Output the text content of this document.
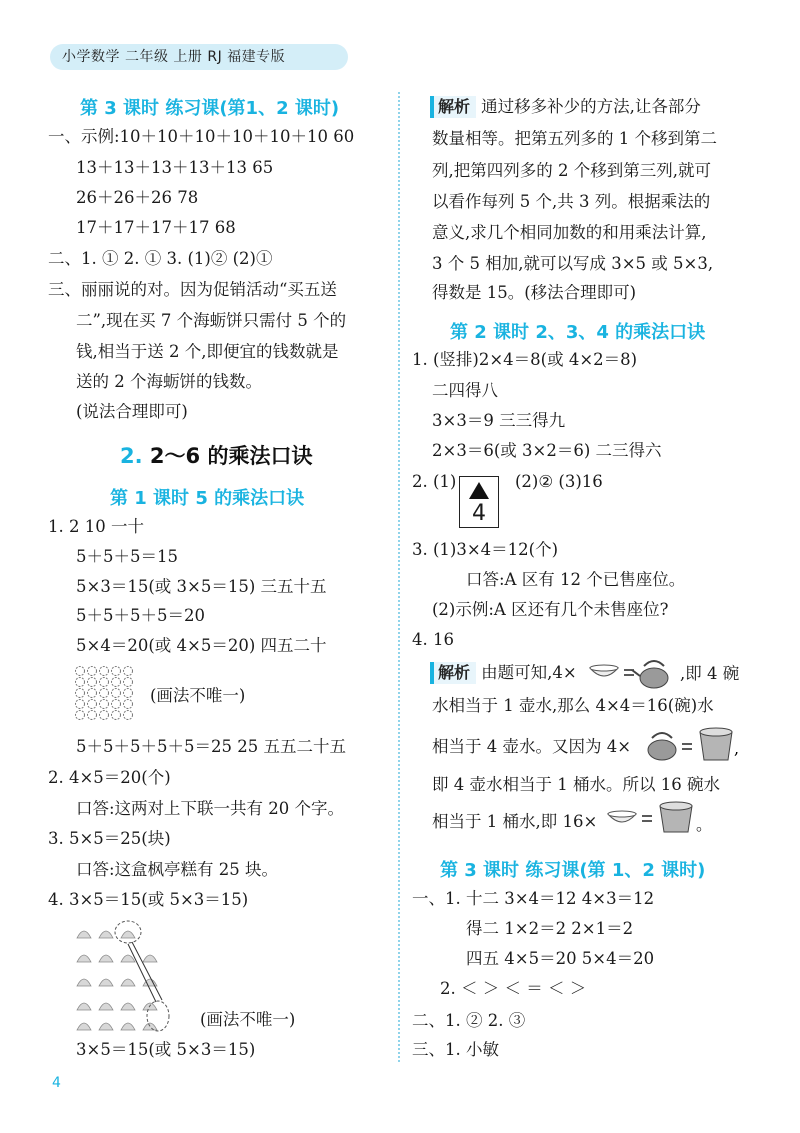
小学数学 二年级 上册 RJ 福建专版
第 3 课时 练习课(第1、2 课时)
一、示例:10＋10＋10＋10＋10＋10 60
13＋13＋13＋13＋13 65
26＋26＋26 78
17＋17＋17＋17 68
二、1. ① 2. ① 3. (1)② (2)①
三、丽丽说的对。因为促销活动“买五送
二”,现在买 7 个海蛎饼只需付 5 个的
钱,相当于送 2 个,即便宜的钱数就是
送的 2 个海蛎饼的钱数。
(说法合理即可)
2. 2～6 的乘法口诀
第 1 课时 5 的乘法口诀
1. 2 10 一十
5＋5＋5＝15
5×3＝15(或 3×5＝15) 三五十五
5＋5＋5＋5＝20
5×4＝20(或 4×5＝20) 四五二十
(画法不唯一)
5＋5＋5＋5＋5＝25 25 五五二十五
2. 4×5＝20(个)
口答:这两对上下联一共有 20 个字。
3. 5×5＝25(块)
口答:这盒枫亭糕有 25 块。
4. 3×5＝15(或 5×3＝15)
(画法不唯一)
3×5＝15(或 5×3＝15)
4
解析 通过移多补少的方法,让各部分
数量相等。把第五列多的 1 个移到第二
列,把第四列多的 2 个移到第三列,就可
以看作每列 5 个,共 3 列。根据乘法的
意义,求几个相同加数的和用乘法计算,
3 个 5 相加,就可以写成 3×5 或 5×3,
得数是 15。(移法合理即可)
第 2 课时 2、3、4 的乘法口诀
1. (竖排)2×4＝8(或 4×2＝8)
二四得八
3×3＝9 三三得九
2×3＝6(或 3×2＝6) 二三得六
2. (1)
4
(2)② (3)16
3. (1)3×4＝12(个)
口答:A 区有 12 个已售座位。
(2)示例:A 区还有几个未售座位?
4. 16
解析 由题可知,4×	,即 4 碗
水相当于 1 壶水,那么 4×4＝16(碗)水
相当于 4 壶水。又因为 4×	,
即 4 壶水相当于 1 桶水。所以 16 碗水
相当于 1 桶水,即 16×	。
第 3 课时 练习课(第 1、2 课时)
一、1. 十二 3×4＝12 4×3＝12
得二 1×2＝2 2×1＝2
四五 4×5＝20 5×4＝20
2. ＜ ＞ ＜ ＝ ＜ ＞
二、1. ② 2. ③
三、1. 小敏
